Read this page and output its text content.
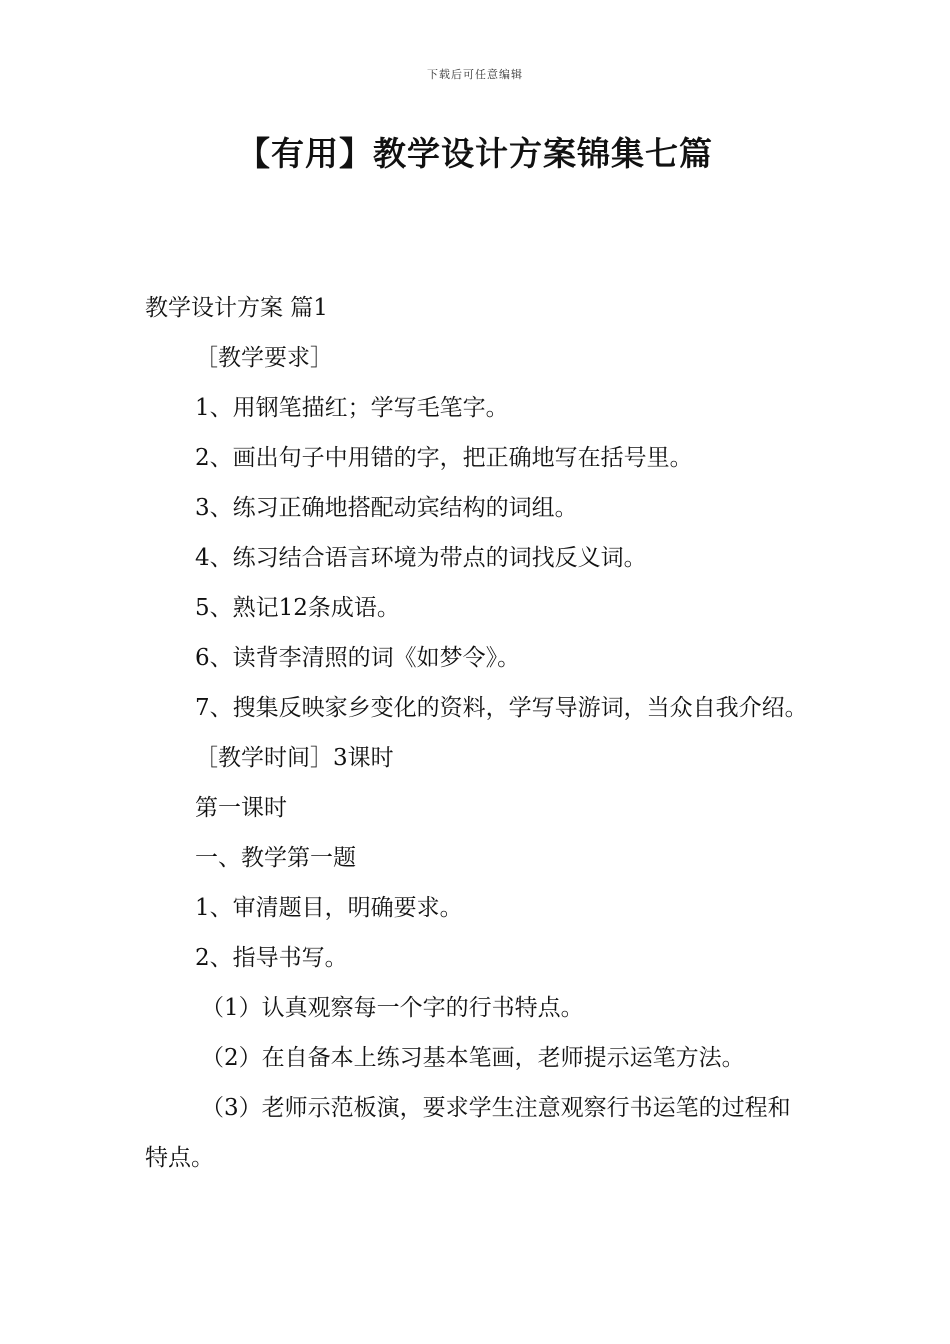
下载后可任意编辑
【有用】教学设计方案锦集七篇

教学设计方案 篇1

［教学要求］

1、用钢笔描红；学写毛笔字。

2、画出句子中用错的字，把正确地写在括号里。

3、练习正确地搭配动宾结构的词组。

4、练习结合语言环境为带点的词找反义词。

5、熟记12条成语。

6、读背李清照的词《如梦令》。

7、搜集反映家乡变化的资料，学写导游词，当众自我介绍。

［教学时间］3课时

第一课时

一、教学第一题

1、审清题目，明确要求。

2、指导书写。

（1）认真观察每一个字的行书特点。

（2）在自备本上练习基本笔画，老师提示运笔方法。

（3）老师示范板演，要求学生注意观察行书运笔的过程和特点。
